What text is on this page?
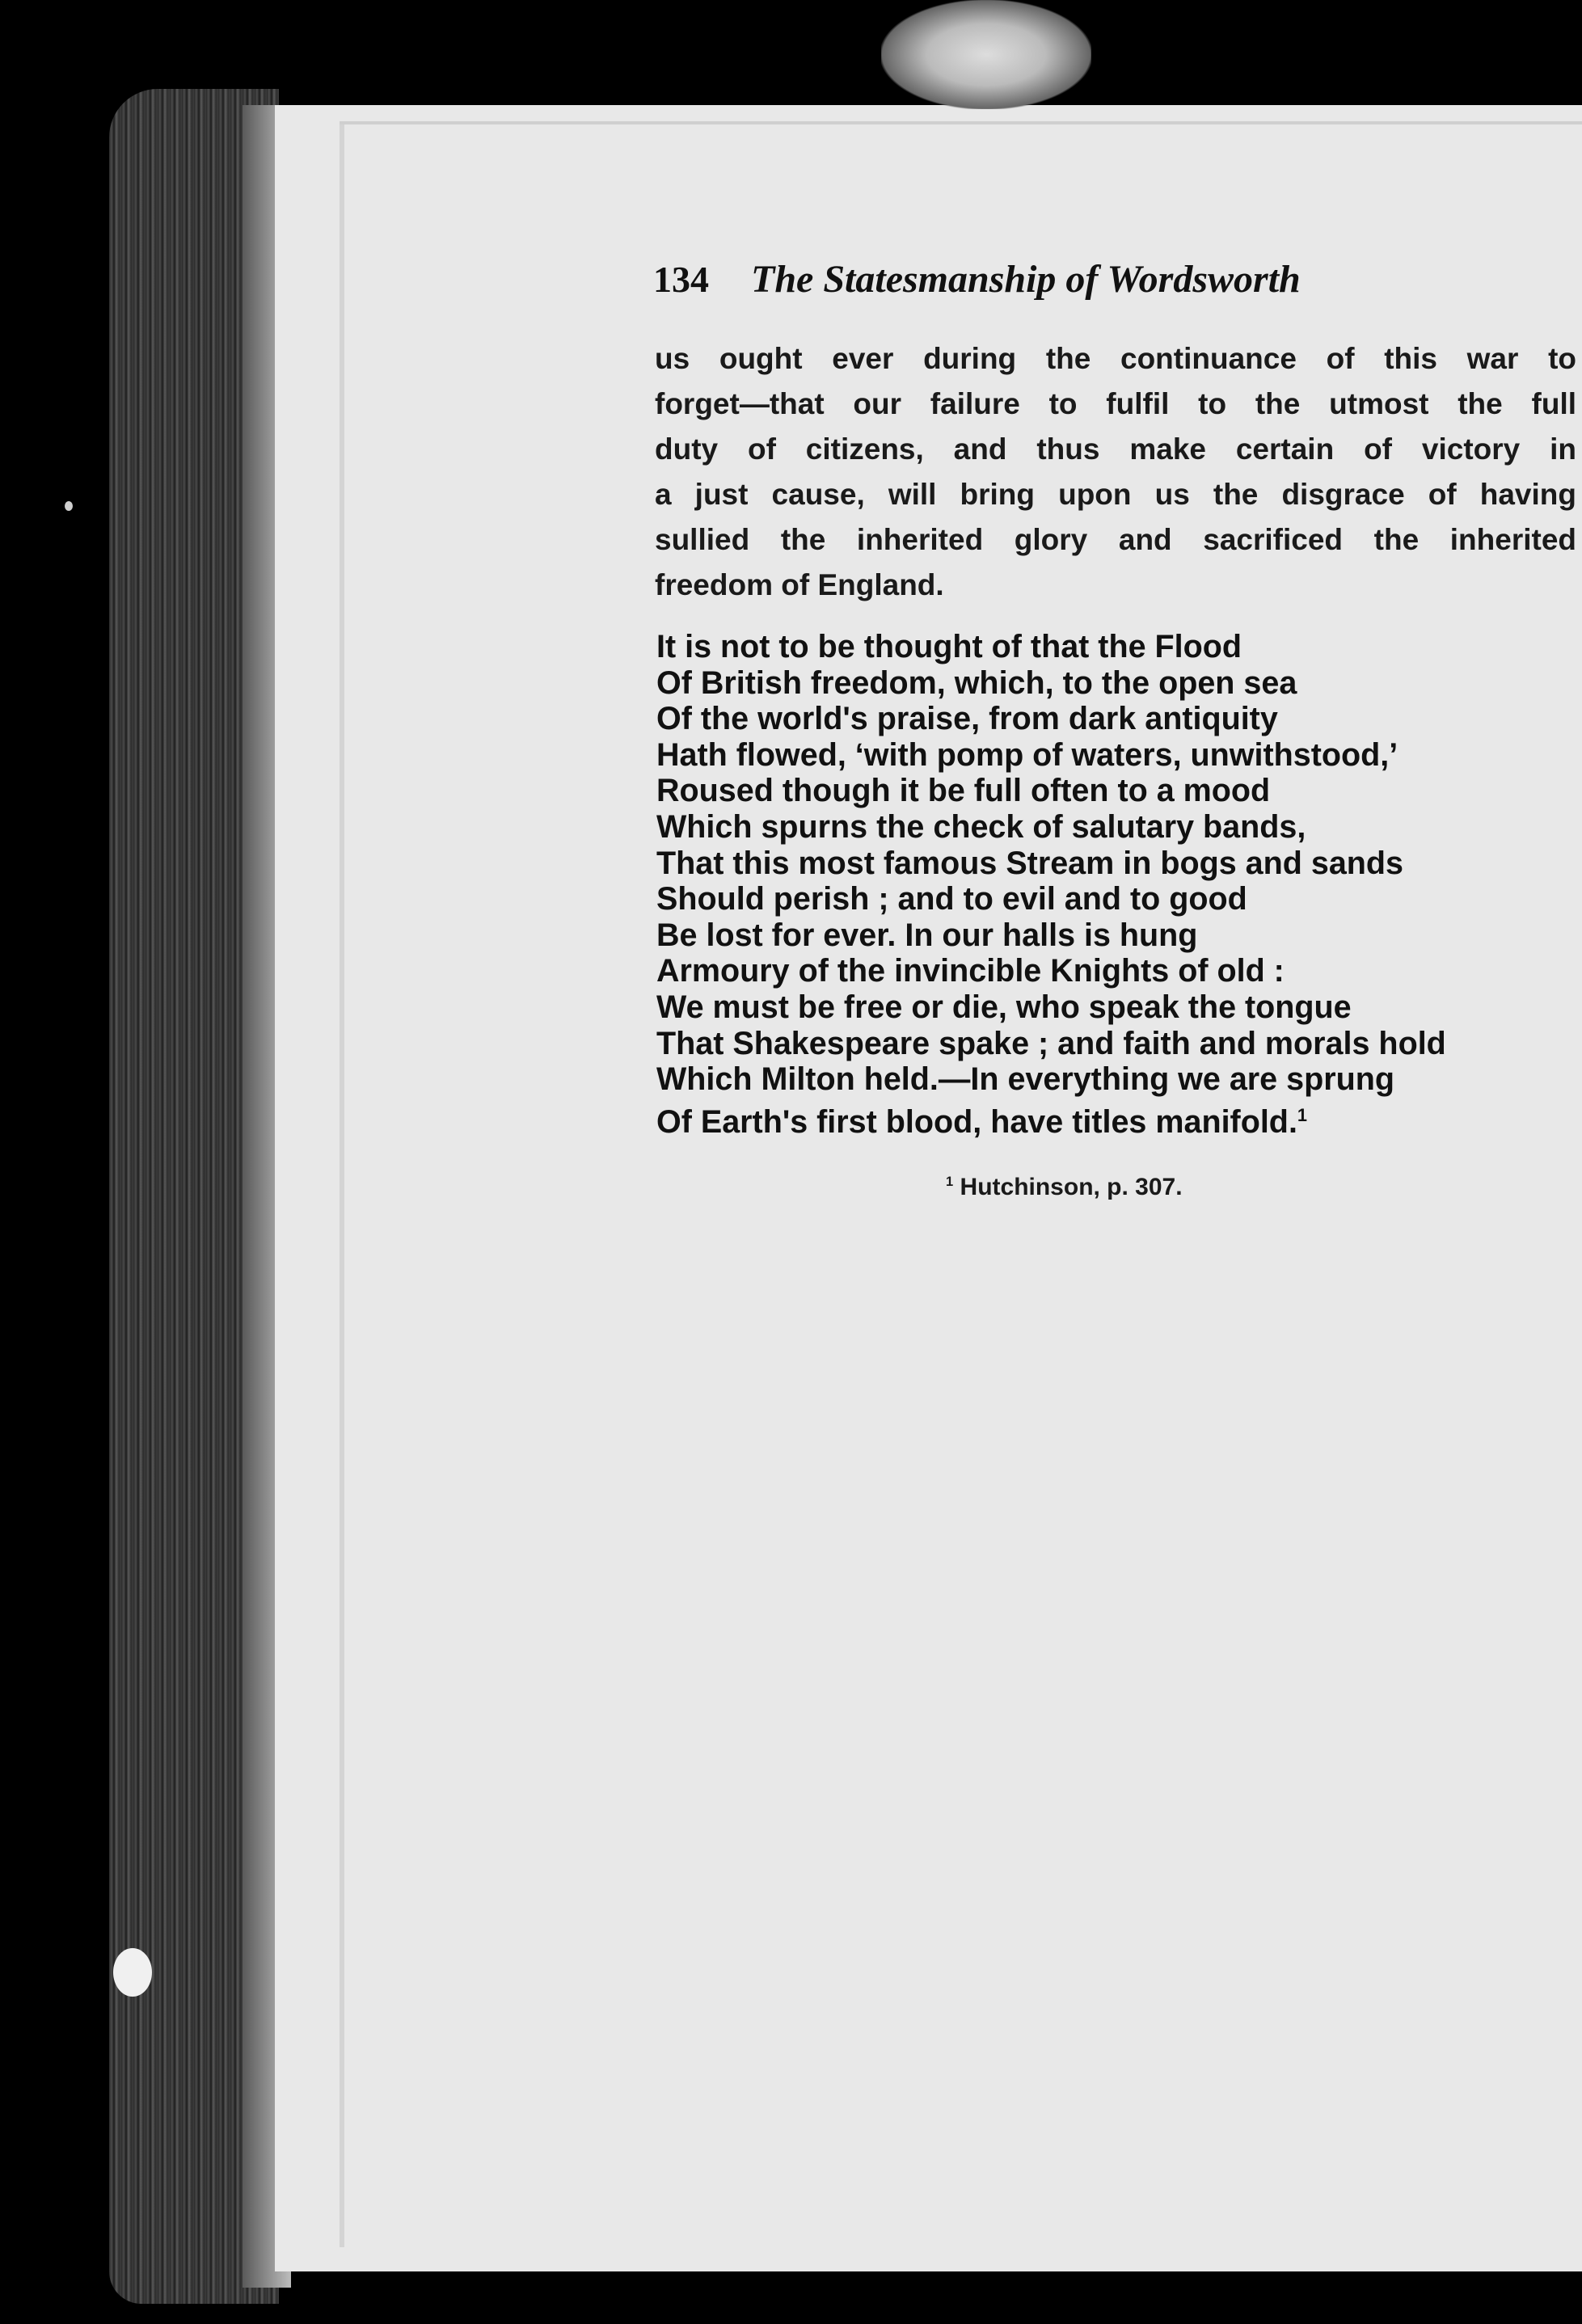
134 The Statesmanship of Wordsworth
us ought ever during the continuance of this war to
forget—that our failure to fulfil to the utmost the full
duty of citizens, and thus make certain of victory in
a just cause, will bring upon us the disgrace of having
sullied the inherited glory and sacrificed the inherited
freedom of England.
It is not to be thought of that the Flood
Of British freedom, which, to the open sea
Of the world's praise, from dark antiquity
Hath flowed, ‘with pomp of waters, unwithstood,’
Roused though it be full often to a mood
Which spurns the check of salutary bands,
That this most famous Stream in bogs and sands
Should perish ; and to evil and to good
Be lost for ever. In our halls is hung
Armoury of the invincible Knights of old :
We must be free or die, who speak the tongue
That Shakespeare spake ; and faith and morals hold
Which Milton held.—In everything we are sprung
Of Earth's first blood, have titles manifold.$^1$
$^1$ Hutchinson, p. 307.
